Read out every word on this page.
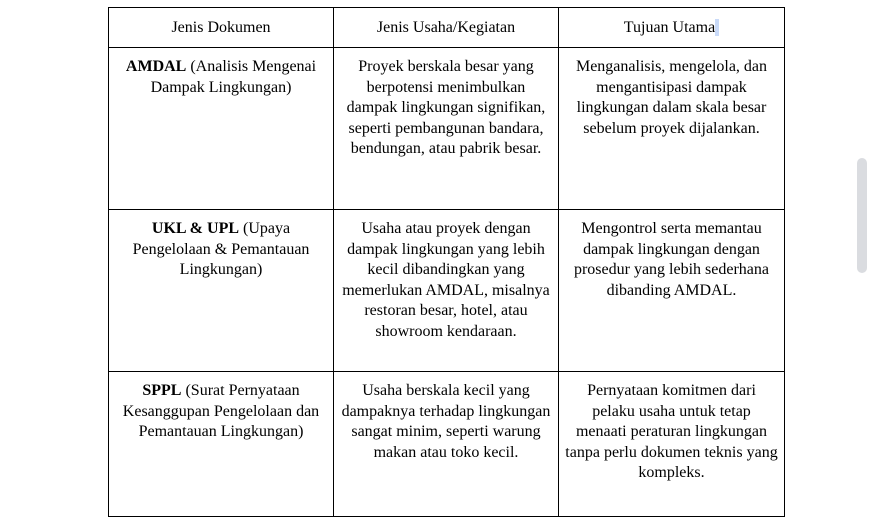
Jenis Dokumen	Jenis Usaha/Kegiatan	Tujuan Utama
AMDAL (Analisis Mengenai Dampak Lingkungan)	Proyek berskala besar yang berpotensi menimbulkan dampak lingkungan signifikan, seperti pembangunan bandara, bendungan, atau pabrik besar.	Menganalisis, mengelola, dan mengantisipasi dampak lingkungan dalam skala besar sebelum proyek dijalankan.
UKL & UPL (Upaya Pengelolaan & Pemantauan Lingkungan)	Usaha atau proyek dengan dampak lingkungan yang lebih kecil dibandingkan yang memerlukan AMDAL, misalnya restoran besar, hotel, atau showroom kendaraan.	Mengontrol serta memantau dampak lingkungan dengan prosedur yang lebih sederhana dibanding AMDAL.
SPPL (Surat Pernyataan Kesanggupan Pengelolaan dan Pemantauan Lingkungan)	Usaha berskala kecil yang dampaknya terhadap lingkungan sangat minim, seperti warung makan atau toko kecil.	Pernyataan komitmen dari pelaku usaha untuk tetap menaati peraturan lingkungan tanpa perlu dokumen teknis yang kompleks.
